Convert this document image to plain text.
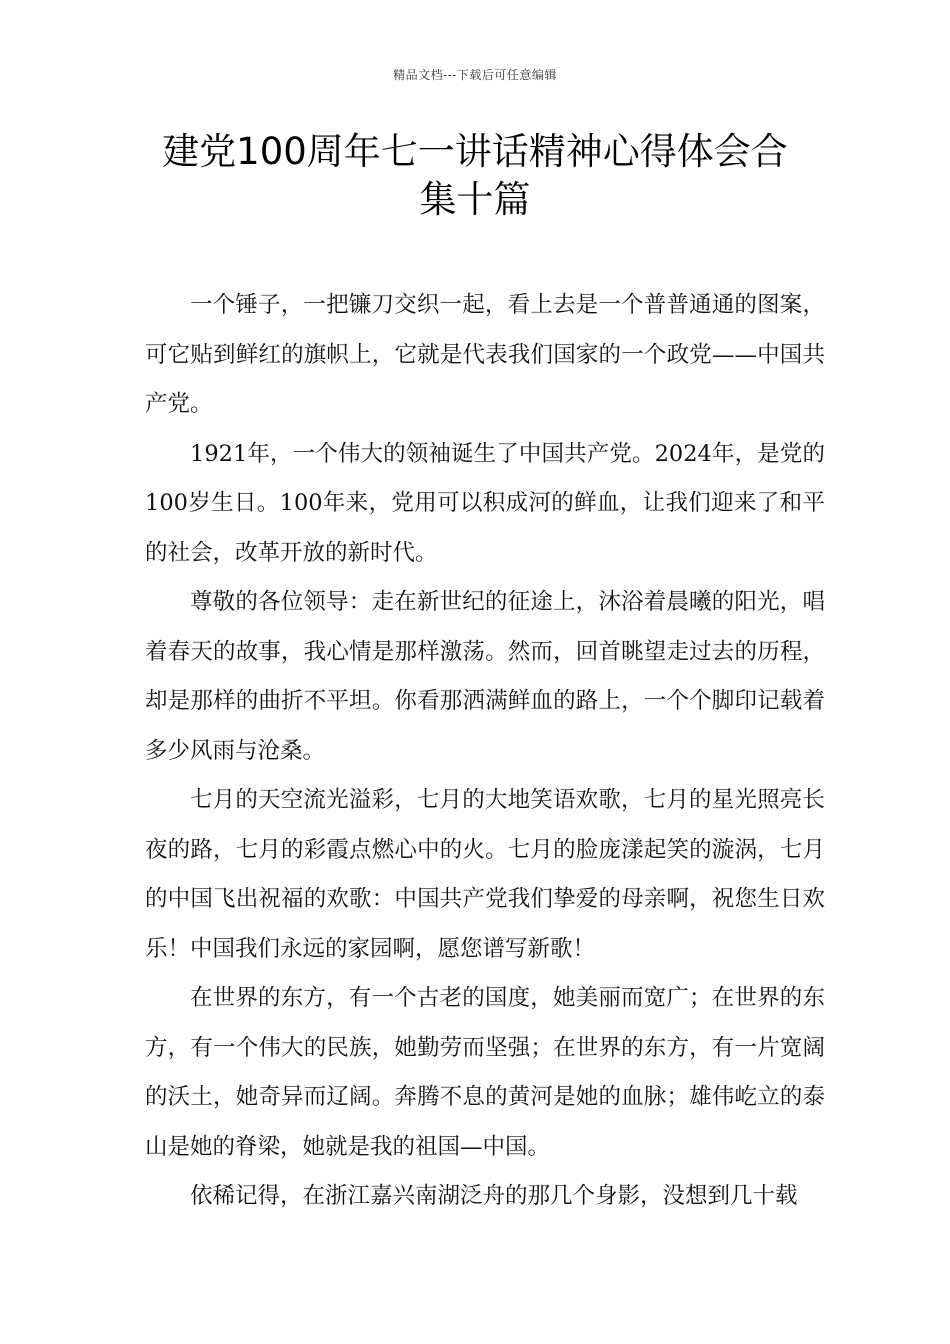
精品文档---下载后可任意编辑
建党100周年七一讲话精神心得体会合
集十篇

一个锤子，一把镰刀交织一起，看上去是一个普普通通的图案，可它贴到鲜红的旗帜上，它就是代表我们国家的一个政党——中国共产党。

1921年，一个伟大的领袖诞生了中国共产党。2024年，是党的100岁生日。100年来，党用可以积成河的鲜血，让我们迎来了和平的社会，改革开放的新时代。

尊敬的各位领导：走在新世纪的征途上，沐浴着晨曦的阳光，唱着春天的故事，我心情是那样激荡。然而，回首眺望走过去的历程，却是那样的曲折不平坦。你看那洒满鲜血的路上，一个个脚印记载着多少风雨与沧桑。

七月的天空流光溢彩，七月的大地笑语欢歌，七月的星光照亮长夜的路，七月的彩霞点燃心中的火。七月的脸庞漾起笑的漩涡，七月的中国飞出祝福的欢歌：中国共产党我们挚爱的母亲啊，祝您生日欢乐！中国我们永远的家园啊，愿您谱写新歌！

在世界的东方，有一个古老的国度，她美丽而宽广；在世界的东方，有一个伟大的民族，她勤劳而坚强；在世界的东方，有一片宽阔的沃土，她奇异而辽阔。奔腾不息的黄河是她的血脉；雄伟屹立的泰山是她的脊梁，她就是我的祖国—中国。

依稀记得，在浙江嘉兴南湖泛舟的那几个身影，没想到几十载
